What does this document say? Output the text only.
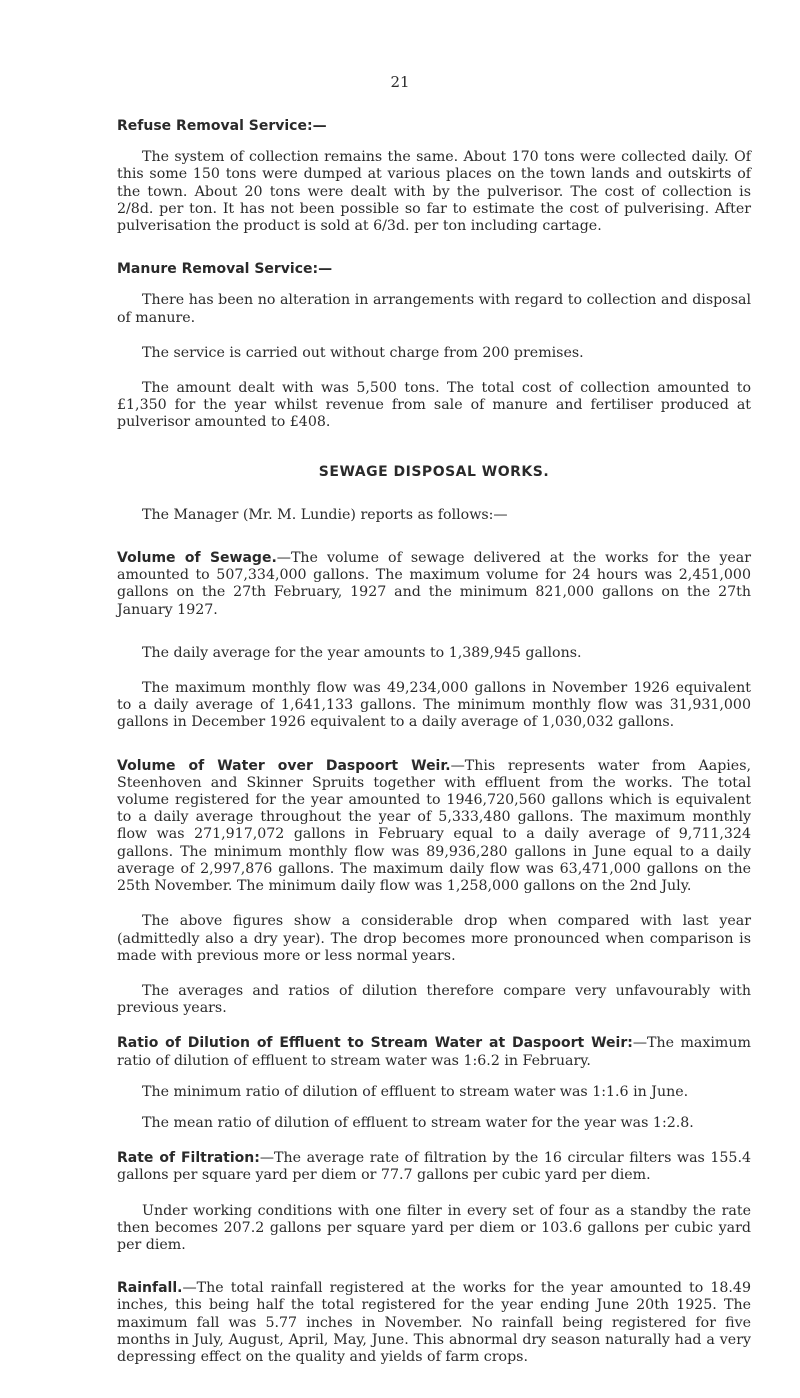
21

Refuse Removal Service:—

The system of collection remains the same. About 170 tons were collected daily. Of this some 150 tons were dumped at various places on the town lands and outskirts of the town. About 20 tons were dealt with by the pulverisor. The cost of collection is 2/8d. per ton. It has not been possible so far to estimate the cost of pulverising. After pulverisation the product is sold at 6/3d. per ton including cartage.

Manure Removal Service:—

There has been no alteration in arrangements with regard to collection and disposal of manure.

The service is carried out without charge from 200 premises.

The amount dealt with was 5,500 tons. The total cost of collection amounted to £1,350 for the year whilst revenue from sale of manure and fertiliser produced at pulverisor amounted to £408.

SEWAGE DISPOSAL WORKS.

The Manager (Mr. M. Lundie) reports as follows:—

Volume of Sewage.—The volume of sewage delivered at the works for the year amounted to 507,334,000 gallons. The maximum volume for 24 hours was 2,451,000 gallons on the 27th February, 1927 and the minimum 821,000 gallons on the 27th January 1927.

The daily average for the year amounts to 1,389,945 gallons.

The maximum monthly flow was 49,234,000 gallons in November 1926 equivalent to a daily average of 1,641,133 gallons. The minimum monthly flow was 31,931,000 gallons in December 1926 equivalent to a daily average of 1,030,032 gallons.

Volume of Water over Daspoort Weir.—This represents water from Aapies, Steenhoven and Skinner Spruits together with effluent from the works. The total volume registered for the year amounted to 1946,720,560 gallons which is equivalent to a daily average throughout the year of 5,333,480 gallons. The maximum monthly flow was 271,917,072 gallons in February equal to a daily average of 9,711,324 gallons. The minimum monthly flow was 89,936,280 gallons in June equal to a daily average of 2,997,876 gallons. The maximum daily flow was 63,471,000 gallons on the 25th November. The minimum daily flow was 1,258,000 gallons on the 2nd July.

The above figures show a considerable drop when compared with last year (admittedly also a dry year). The drop becomes more pronounced when comparison is made with previous more or less normal years.

The averages and ratios of dilution therefore compare very unfavourably with previous years.

Ratio of Dilution of Effluent to Stream Water at Daspoort Weir:—The maximum ratio of dilution of effluent to stream water was 1:6.2 in February.

The minimum ratio of dilution of effluent to stream water was 1:1.6 in June.

The mean ratio of dilution of effluent to stream water for the year was 1:2.8.

Rate of Filtration:—The average rate of filtration by the 16 circular filters was 155.4 gallons per square yard per diem or 77.7 gallons per cubic yard per diem.

Under working conditions with one filter in every set of four as a standby the rate then becomes 207.2 gallons per square yard per diem or 103.6 gallons per cubic yard per diem.

Rainfall.—The total rainfall registered at the works for the year amounted to 18.49 inches, this being half the total registered for the year ending June 20th 1925. The maximum fall was 5.77 inches in November. No rainfall being registered for five months in July, August, April, May, June. This abnormal dry season naturally had a very depressing effect on the quality and yields of farm crops.
